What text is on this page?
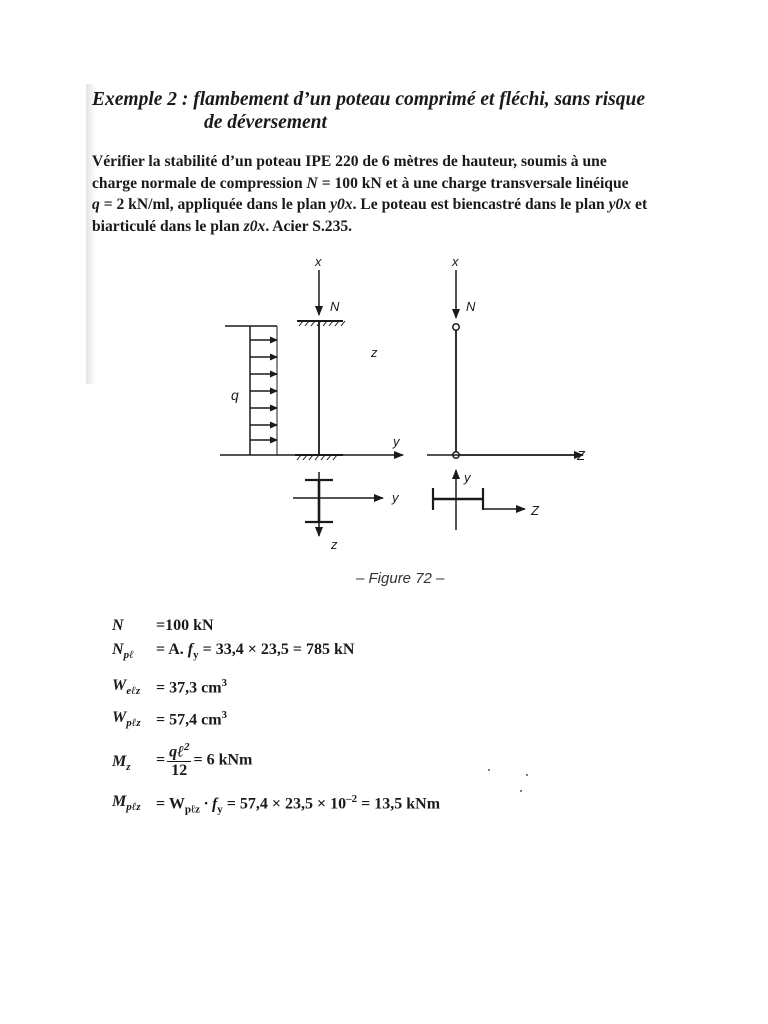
Exemple 2 : flambement d’un poteau comprimé et fléchi, sans risque
de déversement
Vérifier la stabilité d’un poteau IPE 220 de 6 mètres de hauteur, soumis à une
charge normale de compression N = 100 kN et à une charge transversale linéique
q = 2 kN/ml, appliquée dans le plan y0x. Le poteau est biencastré dans le plan y0x et
biarticulé dans le plan z0x. Acier S.235.
x
N
z
q
y
y
z
x
N
Z
y
Z
– Figure 72 –
N =100 kN
$N_{p\ell} = A$. $f_y = 33,4 \times 23,5 = 785$ kN
$W_{e\ell z} = 37,3$ $cm^3$
$W_{p\ell z} = 57,4$ $cm^3$
$M_z = \frac{q\ell^2}{12} = 6$ kNm
$M_{p\ell z} = W_{p\ell z} \cdot f_y = 57,4 \times 23,5 \times 10^{-2} = 13,5$ kNm
